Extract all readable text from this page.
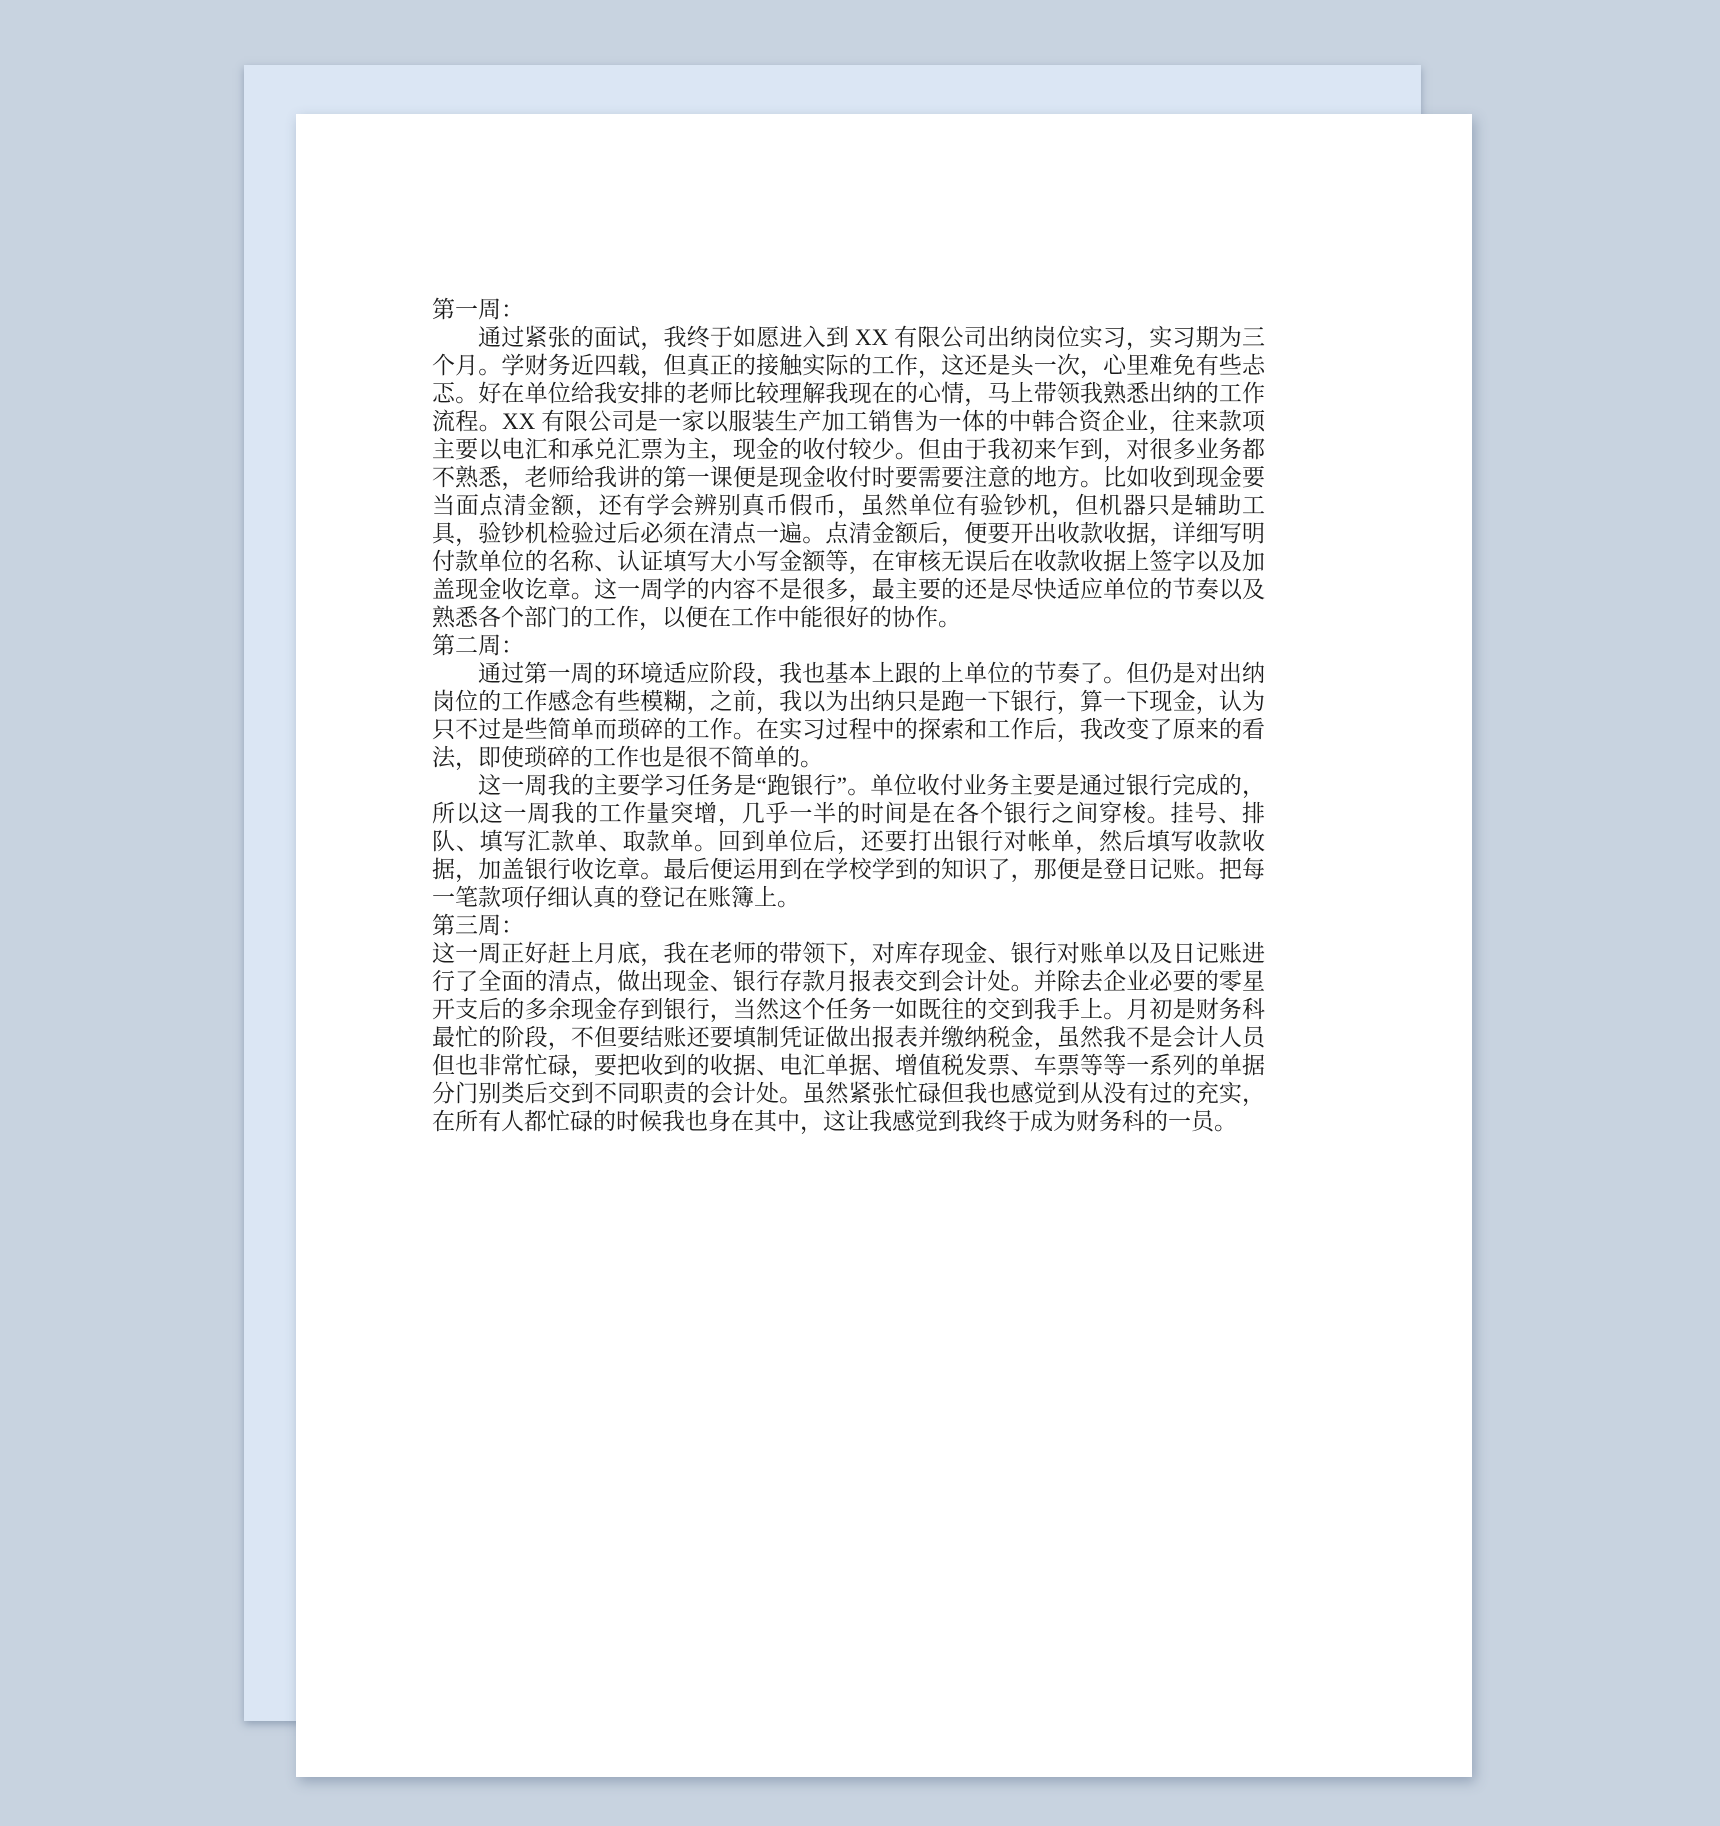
第一周：

通过紧张的面试，我终于如愿进入到 XX 有限公司出纳岗位实习，实习期为三个月。学财务近四载，但真正的接触实际的工作，这还是头一次，心里难免有些忐忑。好在单位给我安排的老师比较理解我现在的心情，马上带领我熟悉出纳的工作流程。XX 有限公司是一家以服装生产加工销售为一体的中韩合资企业，往来款项主要以电汇和承兑汇票为主，现金的收付较少。但由于我初来乍到，对很多业务都不熟悉，老师给我讲的第一课便是现金收付时要需要注意的地方。比如收到现金要当面点清金额，还有学会辨别真币假币，虽然单位有验钞机，但机器只是辅助工具，验钞机检验过后必须在清点一遍。点清金额后，便要开出收款收据，详细写明付款单位的名称、认证填写大小写金额等，在审核无误后在收款收据上签字以及加盖现金收讫章。这一周学的内容不是很多，最主要的还是尽快适应单位的节奏以及熟悉各个部门的工作，以便在工作中能很好的协作。

第二周：

通过第一周的环境适应阶段，我也基本上跟的上单位的节奏了。但仍是对出纳岗位的工作感念有些模糊，之前，我以为出纳只是跑一下银行，算一下现金，认为只不过是些简单而琐碎的工作。在实习过程中的探索和工作后，我改变了原来的看法，即使琐碎的工作也是很不简单的。

这一周我的主要学习任务是“跑银行”。单位收付业务主要是通过银行完成的，所以这一周我的工作量突增，几乎一半的时间是在各个银行之间穿梭。挂号、排队、填写汇款单、取款单。回到单位后，还要打出银行对帐单，然后填写收款收据，加盖银行收讫章。最后便运用到在学校学到的知识了，那便是登日记账。把每一笔款项仔细认真的登记在账簿上。

第三周：

这一周正好赶上月底，我在老师的带领下，对库存现金、银行对账单以及日记账进行了全面的清点，做出现金、银行存款月报表交到会计处。并除去企业必要的零星开支后的多余现金存到银行，当然这个任务一如既往的交到我手上。月初是财务科最忙的阶段，不但要结账还要填制凭证做出报表并缴纳税金，虽然我不是会计人员但也非常忙碌，要把收到的收据、电汇单据、增值税发票、车票等等一系列的单据分门别类后交到不同职责的会计处。虽然紧张忙碌但我也感觉到从没有过的充实，在所有人都忙碌的时候我也身在其中，这让我感觉到我终于成为财务科的一员。
